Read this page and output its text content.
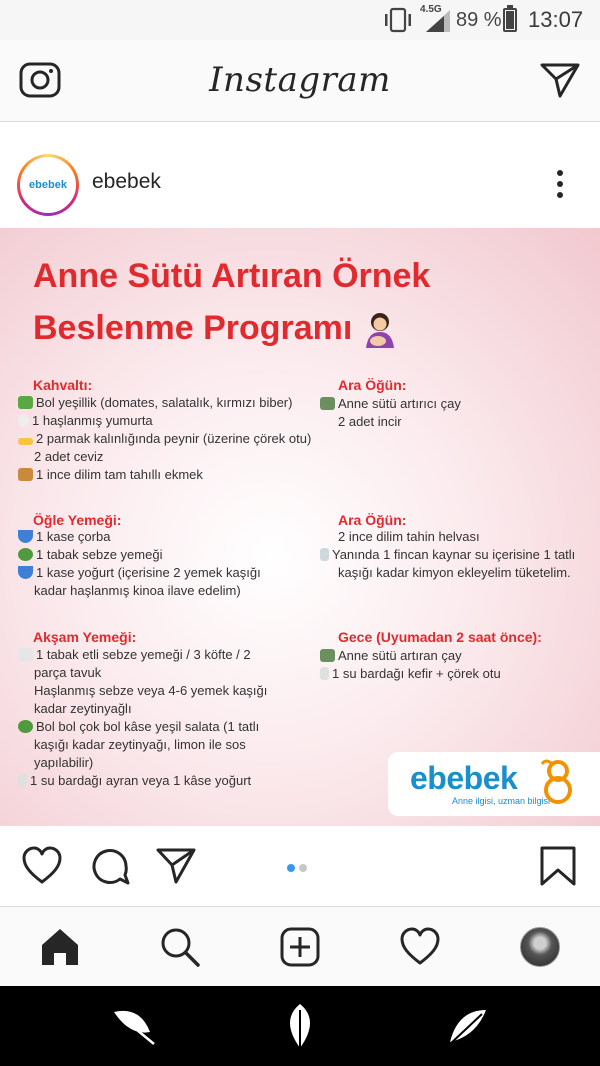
4.5G 89 % 13:07
Instagram
ebebek ebebek
Anne Sütü Artıran Örnek
Beslenme Programı
Kahvaltı:
Bol yeşillik (domates, salatalık, kırmızı biber)
1 haşlanmış yumurta
2 parmak kalınlığında peynir (üzerine çörek otu)
2 adet ceviz
1 ince dilim tam tahıllı ekmek
Ara Öğün:
Anne sütü artırıcı çay
2 adet incir
Öğle Yemeği:
1 kase çorba
1 tabak sebze yemeği
1 kase yoğurt (içerisine 2 yemek kaşığı
kadar haşlanmış kinoa ilave edelim)
Ara Öğün:
2 ince dilim tahin helvası
Yanında 1 fincan kaynar su içerisine 1 tatlı
kaşığı kadar kimyon ekleyelim tüketelim.
Akşam Yemeği:
1 tabak etli sebze yemeği / 3 köfte / 2
parça tavuk
Haşlanmış sebze veya 4-6 yemek kaşığı
kadar zeytinyağlı
Bol bol çok bol kâse yeşil salata (1 tatlı
kaşığı kadar zeytinyağı, limon ile sos
yapılabilir)
1 su bardağı ayran veya 1 kâse yoğurt
Gece (Uyumadan 2 saat önce):
Anne sütü artıran çay
1 su bardağı kefir + çörek otu
ebebek
Anne ilgisi, uzman bilgisi
